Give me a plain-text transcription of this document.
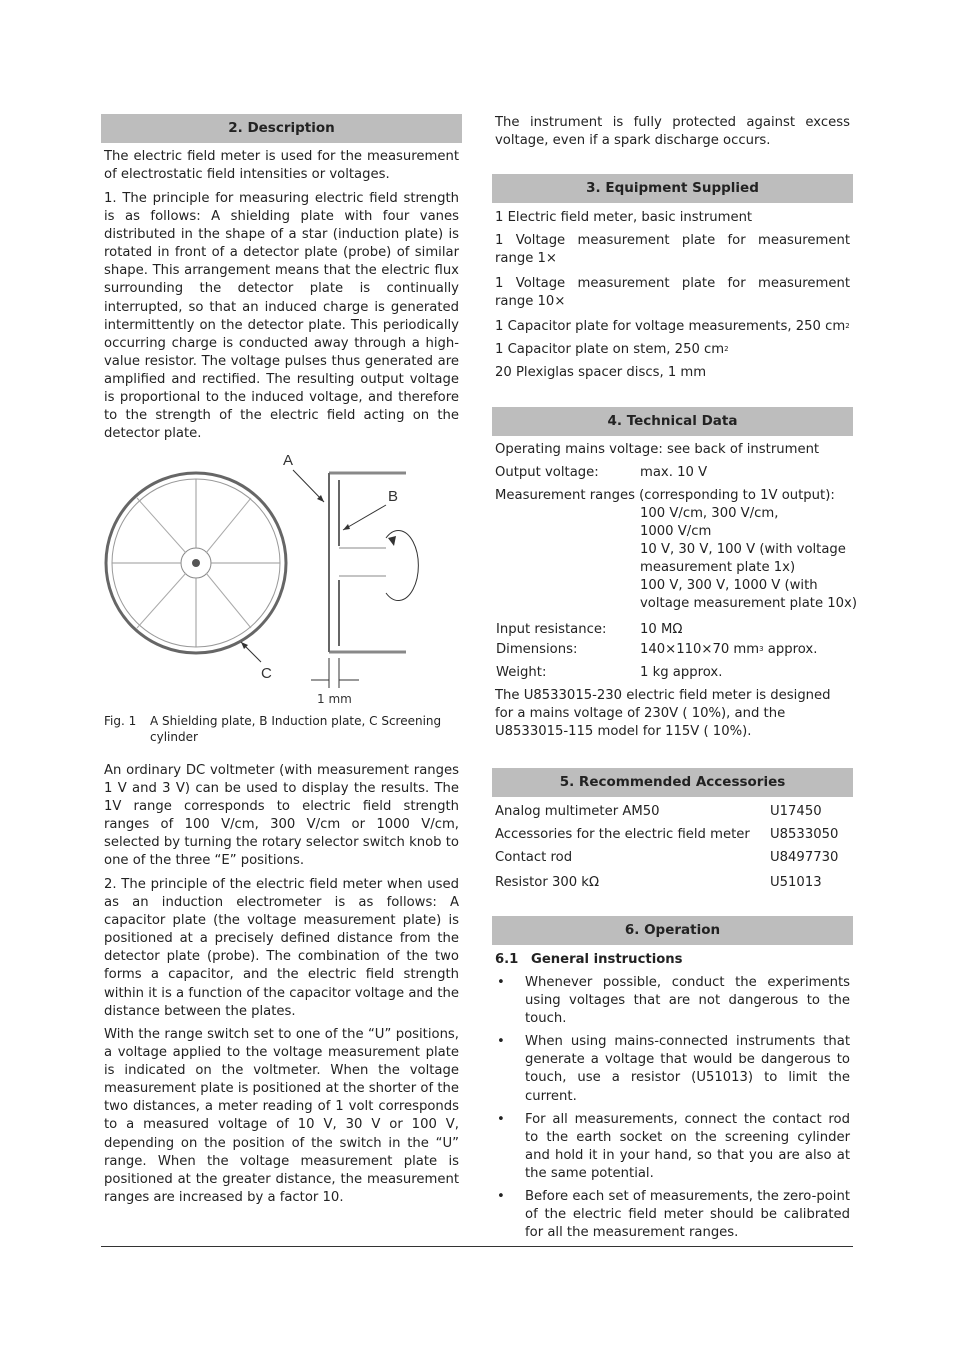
2. Description
The electric field meter is used for the measurement of electrostatic field intensities or voltages.
1. The principle for measuring electric field strength is as follows: A shielding plate with four vanes distributed in the shape of a star (induction plate) is rotated in front of a detector plate (probe) of similar shape. This arrangement means that the electric flux surrounding the detector plate is continually interrupted, so that an induced charge is generated intermittently on the detector plate. This periodically occurring charge is conducted away through a high-value resistor. The voltage pulses thus generated are amplified and rectified. The resulting output voltage is proportional to the induced voltage, and therefore to the strength of the electric field acting on the detector plate.
A
B
C
1 mm
Fig. 1	A Shielding plate, B Induction plate, C Screening cylinder
An ordinary DC voltmeter (with measurement ranges 1 V and 3 V) can be used to display the results. The 1V range corresponds to electric field strength ranges of 100 V/cm, 300 V/cm or 1000 V/cm, selected by turning the rotary selector switch knob to one of the three “E” positions.
2. The principle of the electric field meter when used as an induction electrometer is as follows: A capacitor plate (the voltage measurement plate) is positioned at a precisely defined distance from the detector plate (probe). The combination of the two forms a capacitor, and the electric field strength within it is a function of the capacitor voltage and the distance between the plates.
With the range switch set to one of the “U” positions, a voltage applied to the voltage measurement plate is indicated on the voltmeter. When the voltage measurement plate is positioned at the shorter of the two distances, a meter reading of 1 volt corresponds to a measured voltage of 10 V, 30 V or 100 V, depending on the position of the switch in the “U” range. When the voltage measurement plate is positioned at the greater distance, the measurement ranges are increased by a factor 10.
The instrument is fully protected against excess voltage, even if a spark discharge occurs.
3. Equipment Supplied
1 Electric field meter, basic instrument
1 Voltage measurement plate for measurement range 1×
1 Voltage measurement plate for measurement range 10×
1 Capacitor plate for voltage measurements, 250 $cm^2$
1 Capacitor plate on stem, 250 $cm^2$
20 Plexiglas spacer discs, 1 mm
4. Technical Data
Operating mains voltage: see back of instrument
Output voltage:	max. 10 V
Measurement ranges (corresponding to 1V output):
100 V/cm, 300 V/cm,
1000 V/cm
10 V, 30 V, 100 V (with voltage
measurement plate 1x)
100 V, 300 V, 1000 V (with
voltage measurement plate 10x)
Input resistance:	10 MΩ
Dimensions:	140×110×70 $mm^3$ approx.
Weight:	1 kg approx.
The U8533015-230 electric field meter is designed for a mains voltage of 230V ( 10%), and the U8533015-115 model for 115V ( 10%).
5. Recommended Accessories
Analog multimeter AM50	U17450
Accessories for the electric field meter U8533050
Contact rod	U8497730
Resistor 300 kΩ	U51013
6. Operation
6.1 General instructions
• Whenever possible, conduct the experiments using voltages that are not dangerous to the touch.
• When using mains-connected instruments that generate a voltage that would be dangerous to touch, use a resistor (U51013) to limit the current.
• For all measurements, connect the contact rod to the earth socket on the screening cylinder and hold it in your hand, so that you are also at the same potential.
• Before each set of measurements, the zero-point of the electric field meter should be calibrated for all the measurement ranges.
